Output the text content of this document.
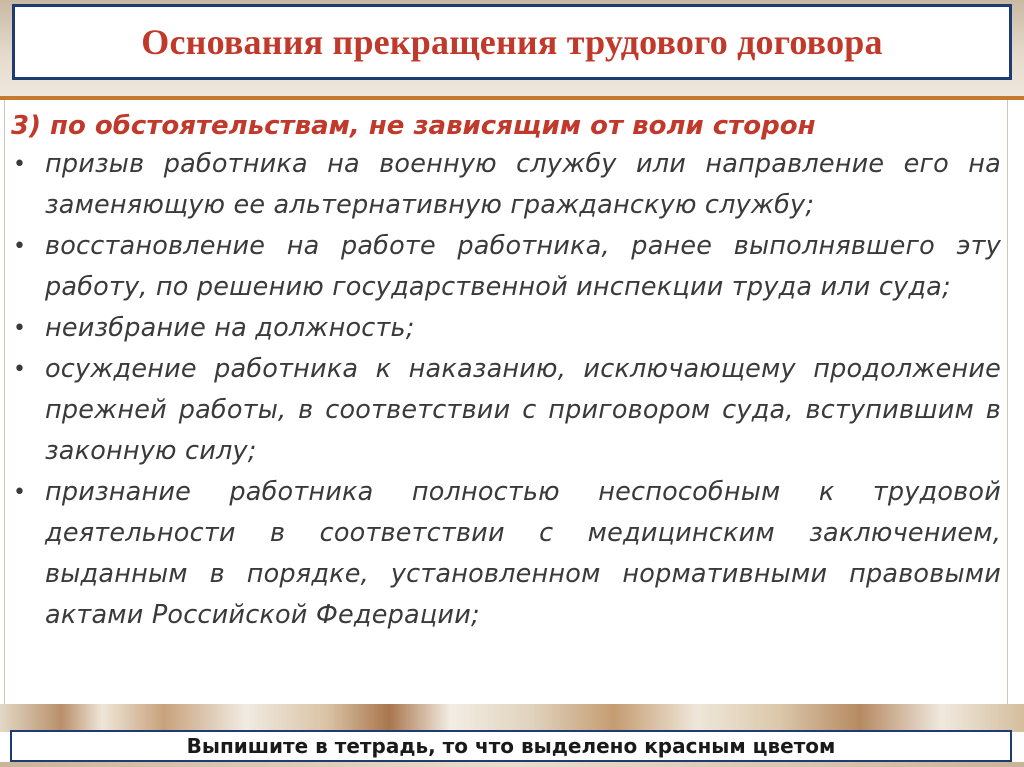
Основания прекращения трудового договора
3) по обстоятельствам, не зависящим от воли сторон
• призыв работника на военную службу или направление его на заменяющую ее альтернативную гражданскую службу;
• восстановление на работе работника, ранее выполнявшего эту работу, по решению государственной инспекции труда или суда;
• неизбрание на должность;
• осуждение работника к наказанию, исключающему продолжение прежней работы, в соответствии с приговором суда, вступившим в законную силу;
• признание работника полностью неспособным к трудовой деятельности в соответствии с медицинским заключением, выданным в порядке, установленном нормативными правовыми актами Российской Федерации;
Выпишите в тетрадь, то что выделено красным цветом
